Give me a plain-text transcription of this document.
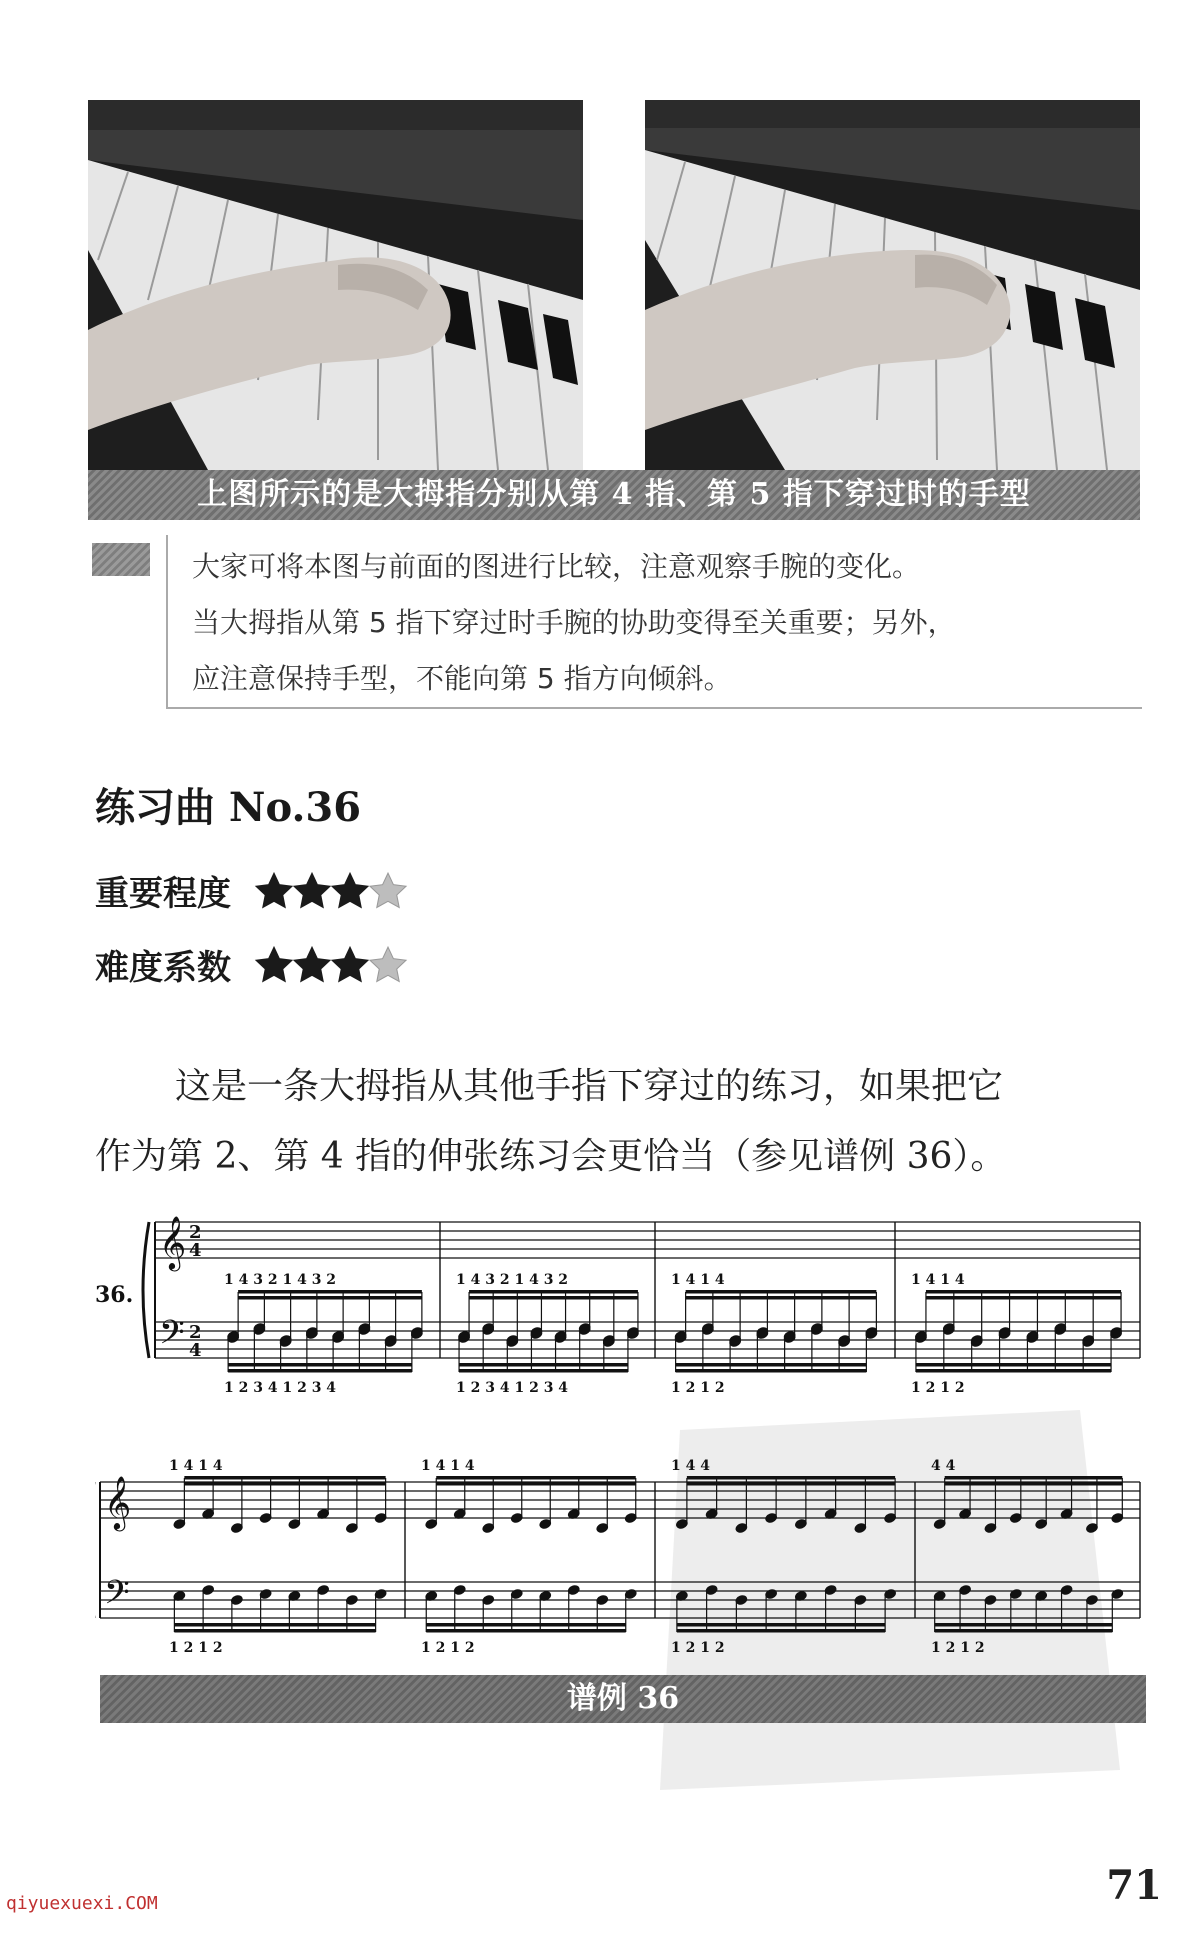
上图所示的是大拇指分别从第 4 指、第 5 指下穿过时的手型
大家可将本图与前面的图进行比较，注意观察手腕的变化。
当大拇指从第 5 指下穿过时手腕的协助变得至关重要；另外，
应注意保持手型，不能向第 5 指方向倾斜。
练习曲 No.36
重要程度
难度系数
这是一条大拇指从其他手指下穿过的练习，如果把它
作为第 2、第 4 指的伸张练习会更恰当（参见谱例 36）。
𝄞
𝄢
2
4
2
4
36.
1 4 3 2 1 4 3 2
1 2 3 4 1 2 3 4
1 4 3 2 1 4 3 2
1 2 3 4 1 2 3 4
1 4 1 4
1 2 1 2
1 4 1 4
1 2 1 2
𝄞
𝄢
1 4 1 4
1 2 1 2
1 4 1 4
1 2 1 2
1 4 4
1 2 1 2
4 4
1 2 1 2
谱例 36
71
qiyuexuexi.COM
